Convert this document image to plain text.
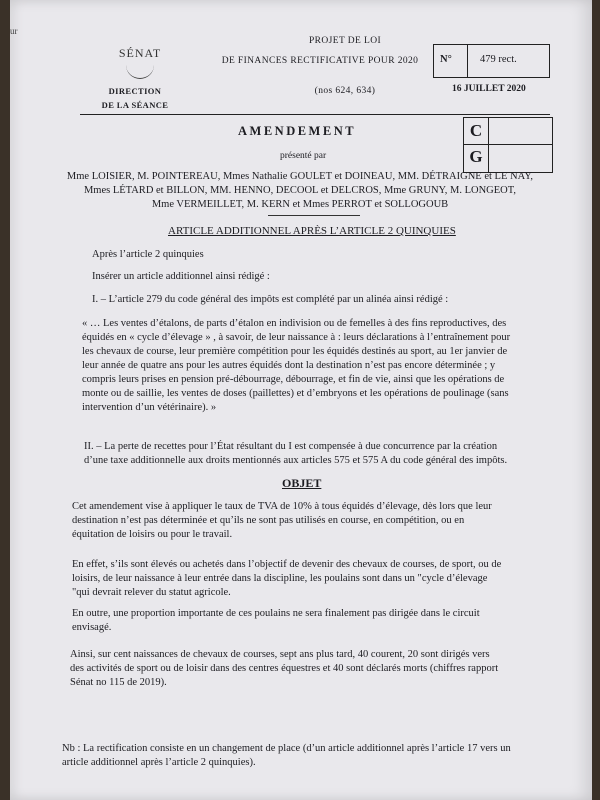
ur
PROJET DE LOI
DE FINANCES RECTIFICATIVE POUR 2020
(nos 624, 634)
SÉNAT
DIRECTION
DE LA SÉANCE
N°	479 rect.
16 JUILLET 2020
AMENDEMENT
présenté par
C
G
Mme LOISIER, M. POINTEREAU, Mmes Nathalie GOULET et DOINEAU, MM. DÉTRAIGNE et LE NAY,
Mmes LÉTARD et BILLON, MM. HENNO, DECOOL et DELCROS, Mme GRUNY, M. LONGEOT,
Mme VERMEILLET, M. KERN et Mmes PERROT et SOLLOGOUB
ARTICLE ADDITIONNEL APRÈS L’ARTICLE 2 QUINQUIES
Après l’article 2 quinquies
Insérer un article additionnel ainsi rédigé :
I. – L’article 279 du code général des impôts est complété par un alinéa ainsi rédigé :
« … Les ventes d’étalons, de parts d’étalon en indivision ou de femelles à des fins reproductives, des
équidés en « cycle d’élevage » , à savoir, de leur naissance à : leurs déclarations à l’entraînement pour
les chevaux de course, leur première compétition pour les équidés destinés au sport, au 1er janvier de
leur année de quatre ans pour les autres équidés dont la destination n’est pas encore déterminée ; y
compris leurs prises en pension pré-débourrage, débourrage, et fin de vie, ainsi que les opérations de
monte ou de saillie, les ventes de doses (paillettes) et d’embryons et les opérations de poulinage (sans
intervention d’un vétérinaire). »
II. – La perte de recettes pour l’État résultant du I est compensée à due concurrence par la création
d’une taxe additionnelle aux droits mentionnés aux articles 575 et 575 A du code général des impôts.
OBJET
Cet amendement vise à appliquer le taux de TVA de 10% à tous équidés d’élevage, dès lors que leur
destination n’est pas déterminée et qu’ils ne sont pas utilisés en course, en compétition, ou en
équitation de loisirs ou pour le travail.
En effet, s’ils sont élevés ou achetés dans l’objectif de devenir des chevaux de courses, de sport, ou de
loisirs, de leur naissance à leur entrée dans la discipline, les poulains sont dans un "cycle d’élevage
"qui devrait relever du statut agricole.
En outre, une proportion importante de ces poulains ne sera finalement pas dirigée dans le circuit
envisagé.
Ainsi, sur cent naissances de chevaux de courses, sept ans plus tard, 40 courent, 20 sont dirigés vers
des activités de sport ou de loisir dans des centres équestres et 40 sont déclarés morts (chiffres rapport
Sénat no 115 de 2019).
Nb : La rectification consiste en un changement de place (d’un article additionnel après l’article 17 vers un
article additionnel après l’article 2 quinquies).
